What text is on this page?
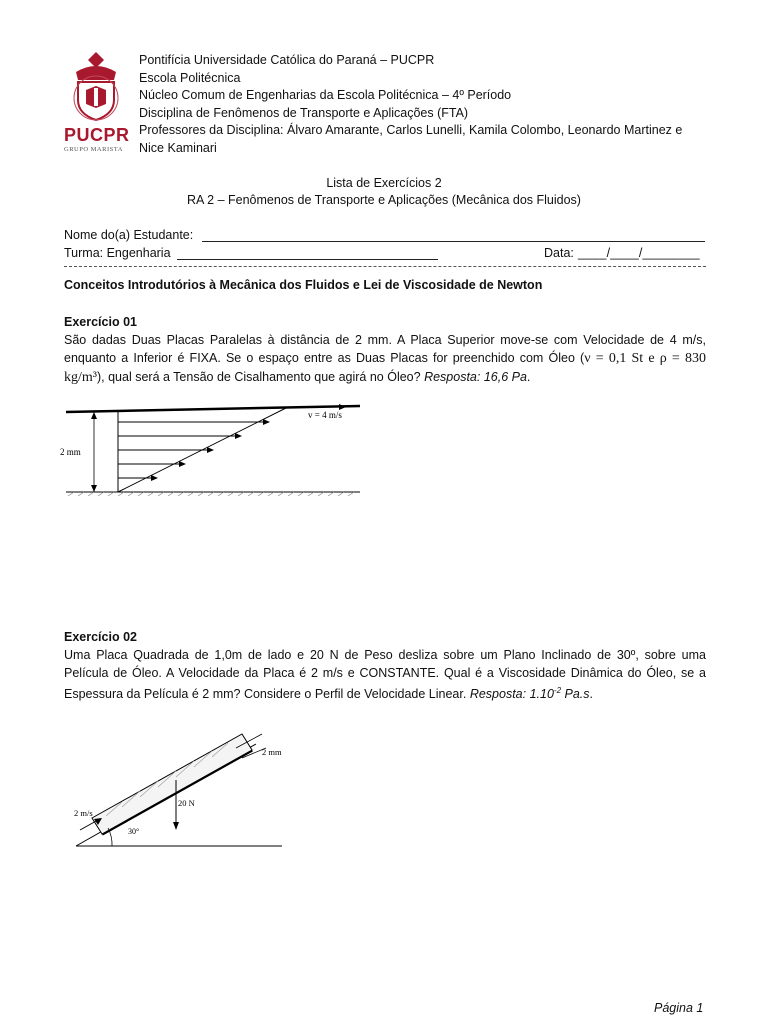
PUCPR
GRUPO MARISTA
Pontifícia Universidade Católica do Paraná – PUCPR
Escola Politécnica
Núcleo Comum de Engenharias da Escola Politécnica – 4º Período
Disciplina de Fenômenos de Transporte e Aplicações (FTA)
Professores da Disciplina: Álvaro Amarante, Carlos Lunelli, Kamila Colombo, Leonardo Martinez e
Nice Kaminari
Lista de Exercícios 2
RA 2 – Fenômenos de Transporte e Aplicações (Mecânica dos Fluidos)
Nome do(a) Estudante:
Turma: Engenharia	Data: ____/____/________
Conceitos Introdutórios à Mecânica dos Fluidos e Lei de Viscosidade de Newton
Exercício 01
São dadas Duas Placas Paralelas à distância de 2 mm. A Placa Superior move-se com Velocidade de 4 m/s, enquanto a Inferior é FIXA. Se o espaço entre as Duas Placas for preenchido com Óleo (ν = 0,1 St e ρ = 830 kg/m³), qual será a Tensão de Cisalhamento que agirá no Óleo? Resposta: 16,6 Pa.
v = 4 m/s
2 mm
Exercício 02
Uma Placa Quadrada de 1,0m de lado e 20 N de Peso desliza sobre um Plano Inclinado de 30º, sobre uma Película de Óleo. A Velocidade da Placa é 2 m/s e CONSTANTE. Qual é a Viscosidade Dinâmica do Óleo, se a Espessura da Película é 2 mm? Considere o Perfil de Velocidade Linear. Resposta: $1.10^{-2}$ Pa.s.
2 mm
2 m/s
20 N
30°
Página 1
